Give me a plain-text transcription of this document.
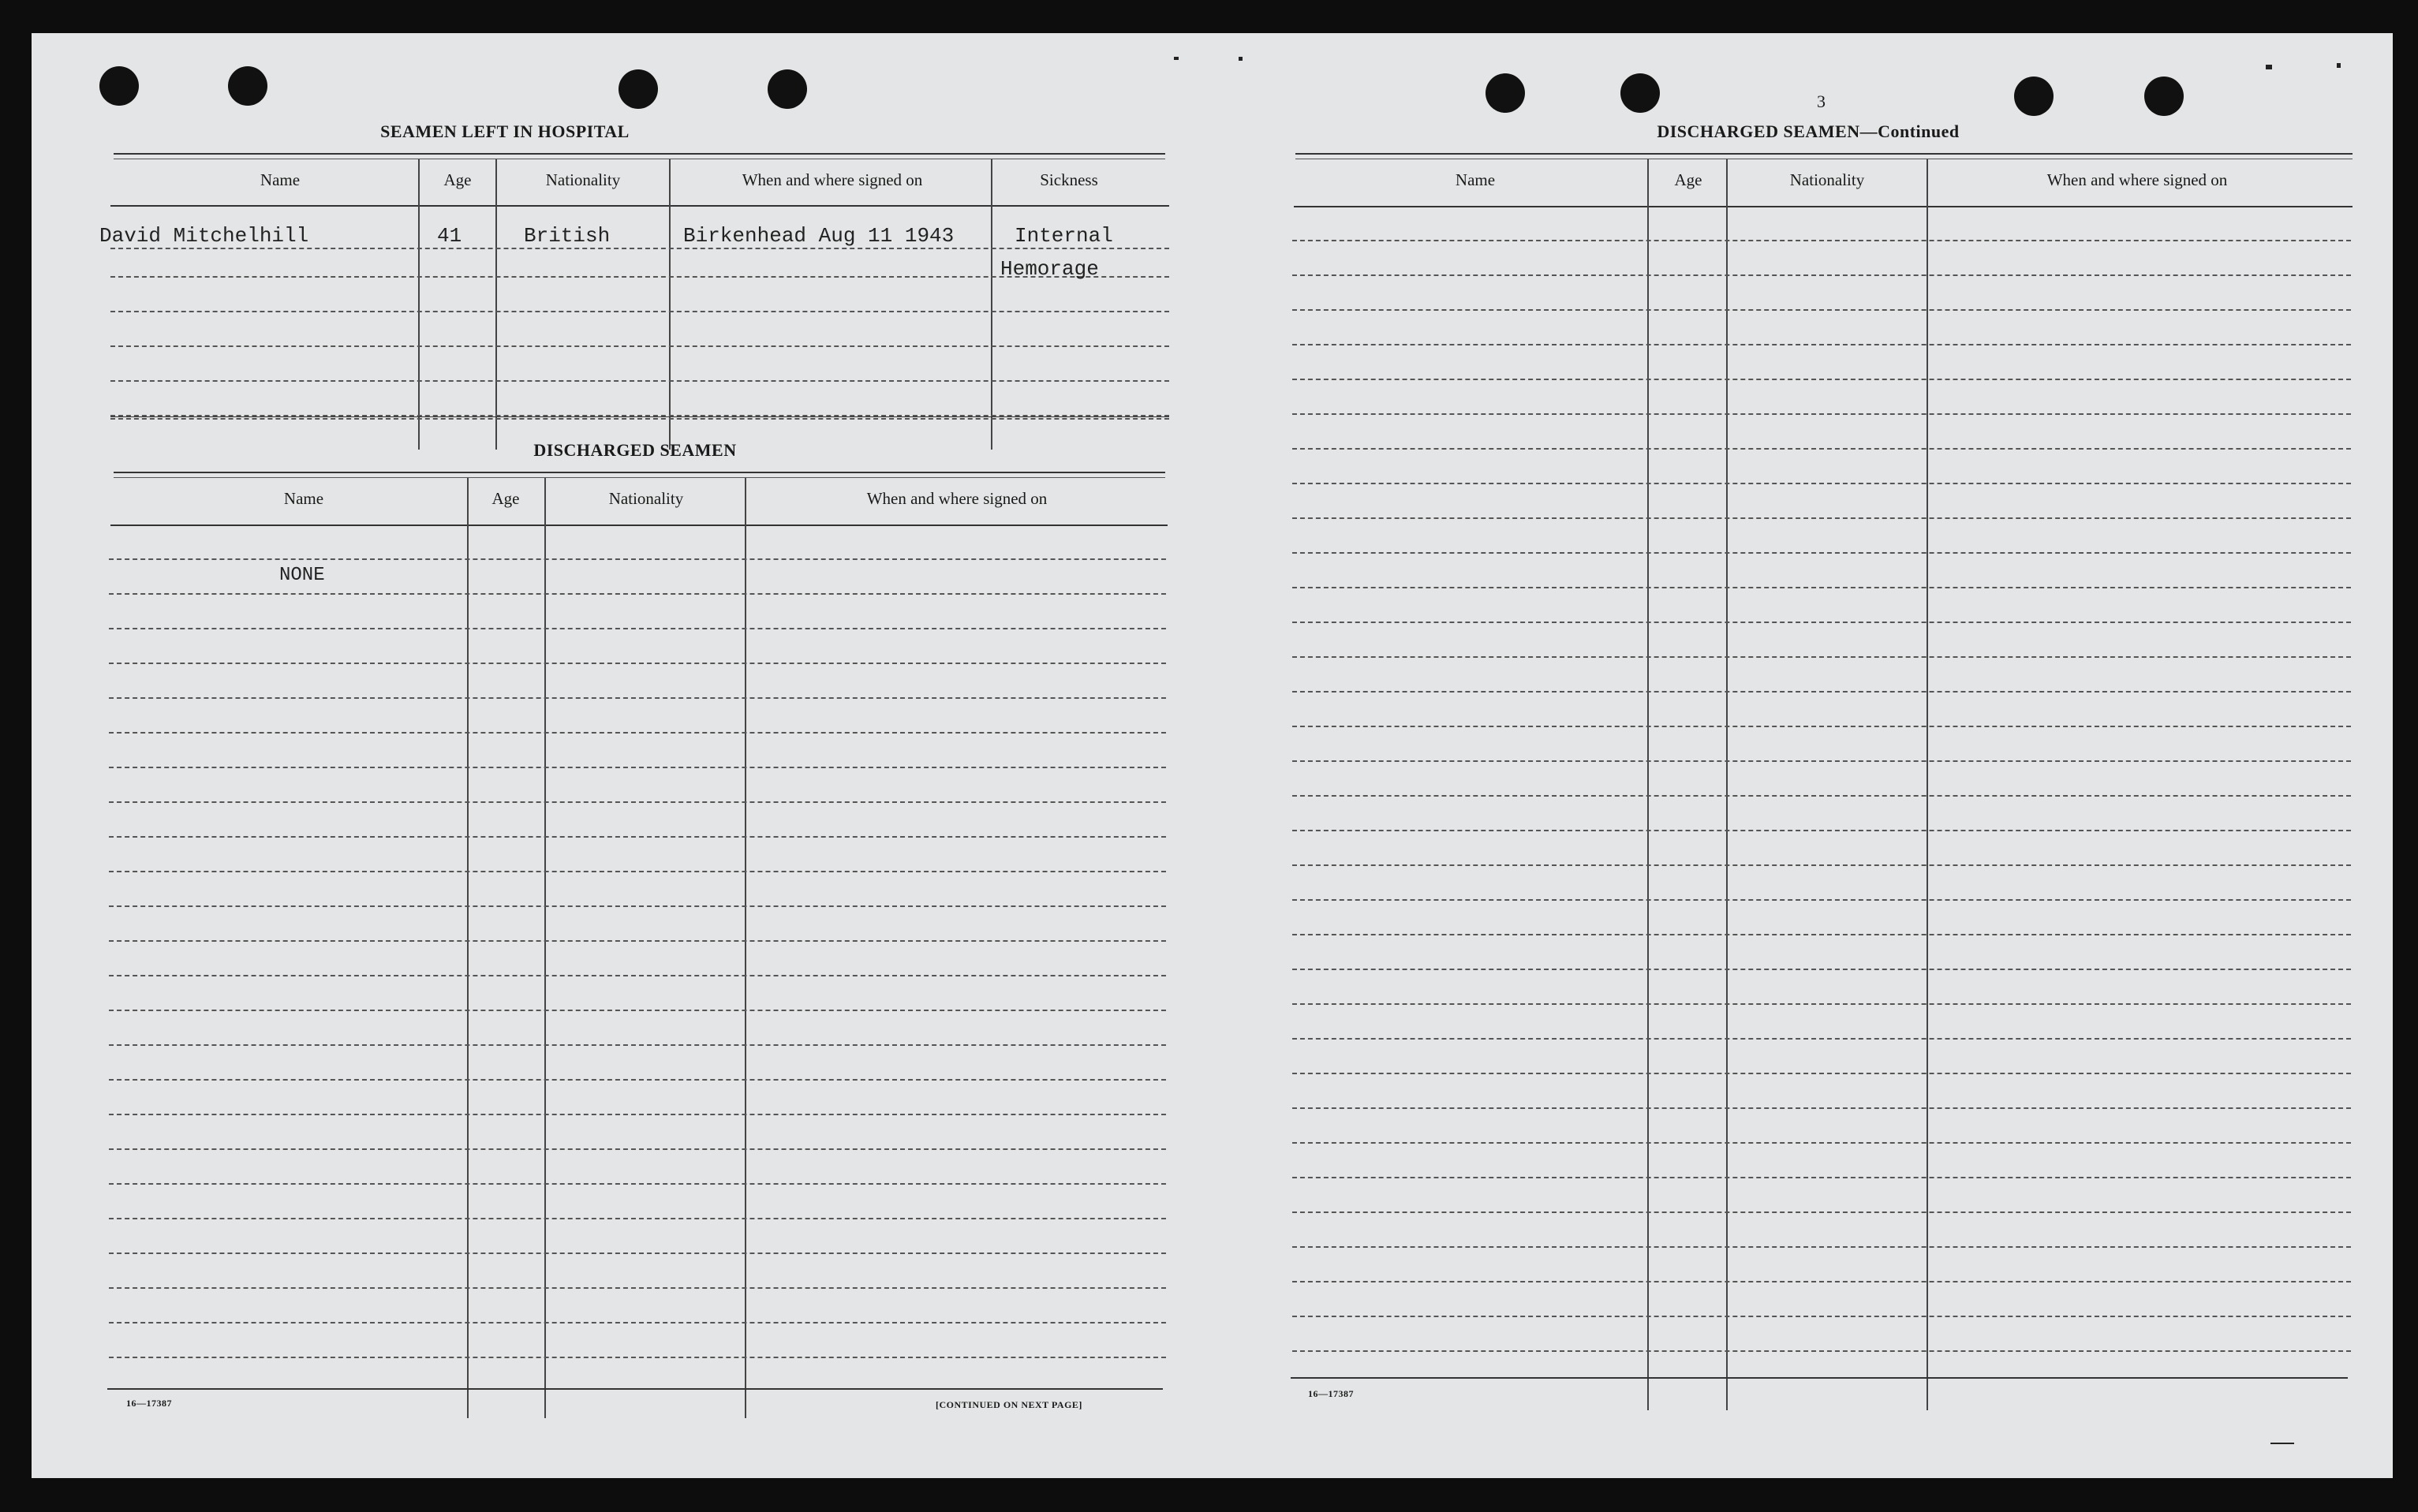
SEAMEN LEFT IN HOSPITAL
Name	Age	Nationality	When and where signed on	Sickness
David Mitchelhill	41	British	Birkenhead Aug 11 1943	Internal
Hemorage
DISCHARGED SEAMEN
Name	Age	Nationality	When and where signed on
NONE
16—17387	[CONTINUED ON NEXT PAGE]
3
DISCHARGED SEAMEN—Continued
Name	Age	Nationality	When and where signed on
16—17387
